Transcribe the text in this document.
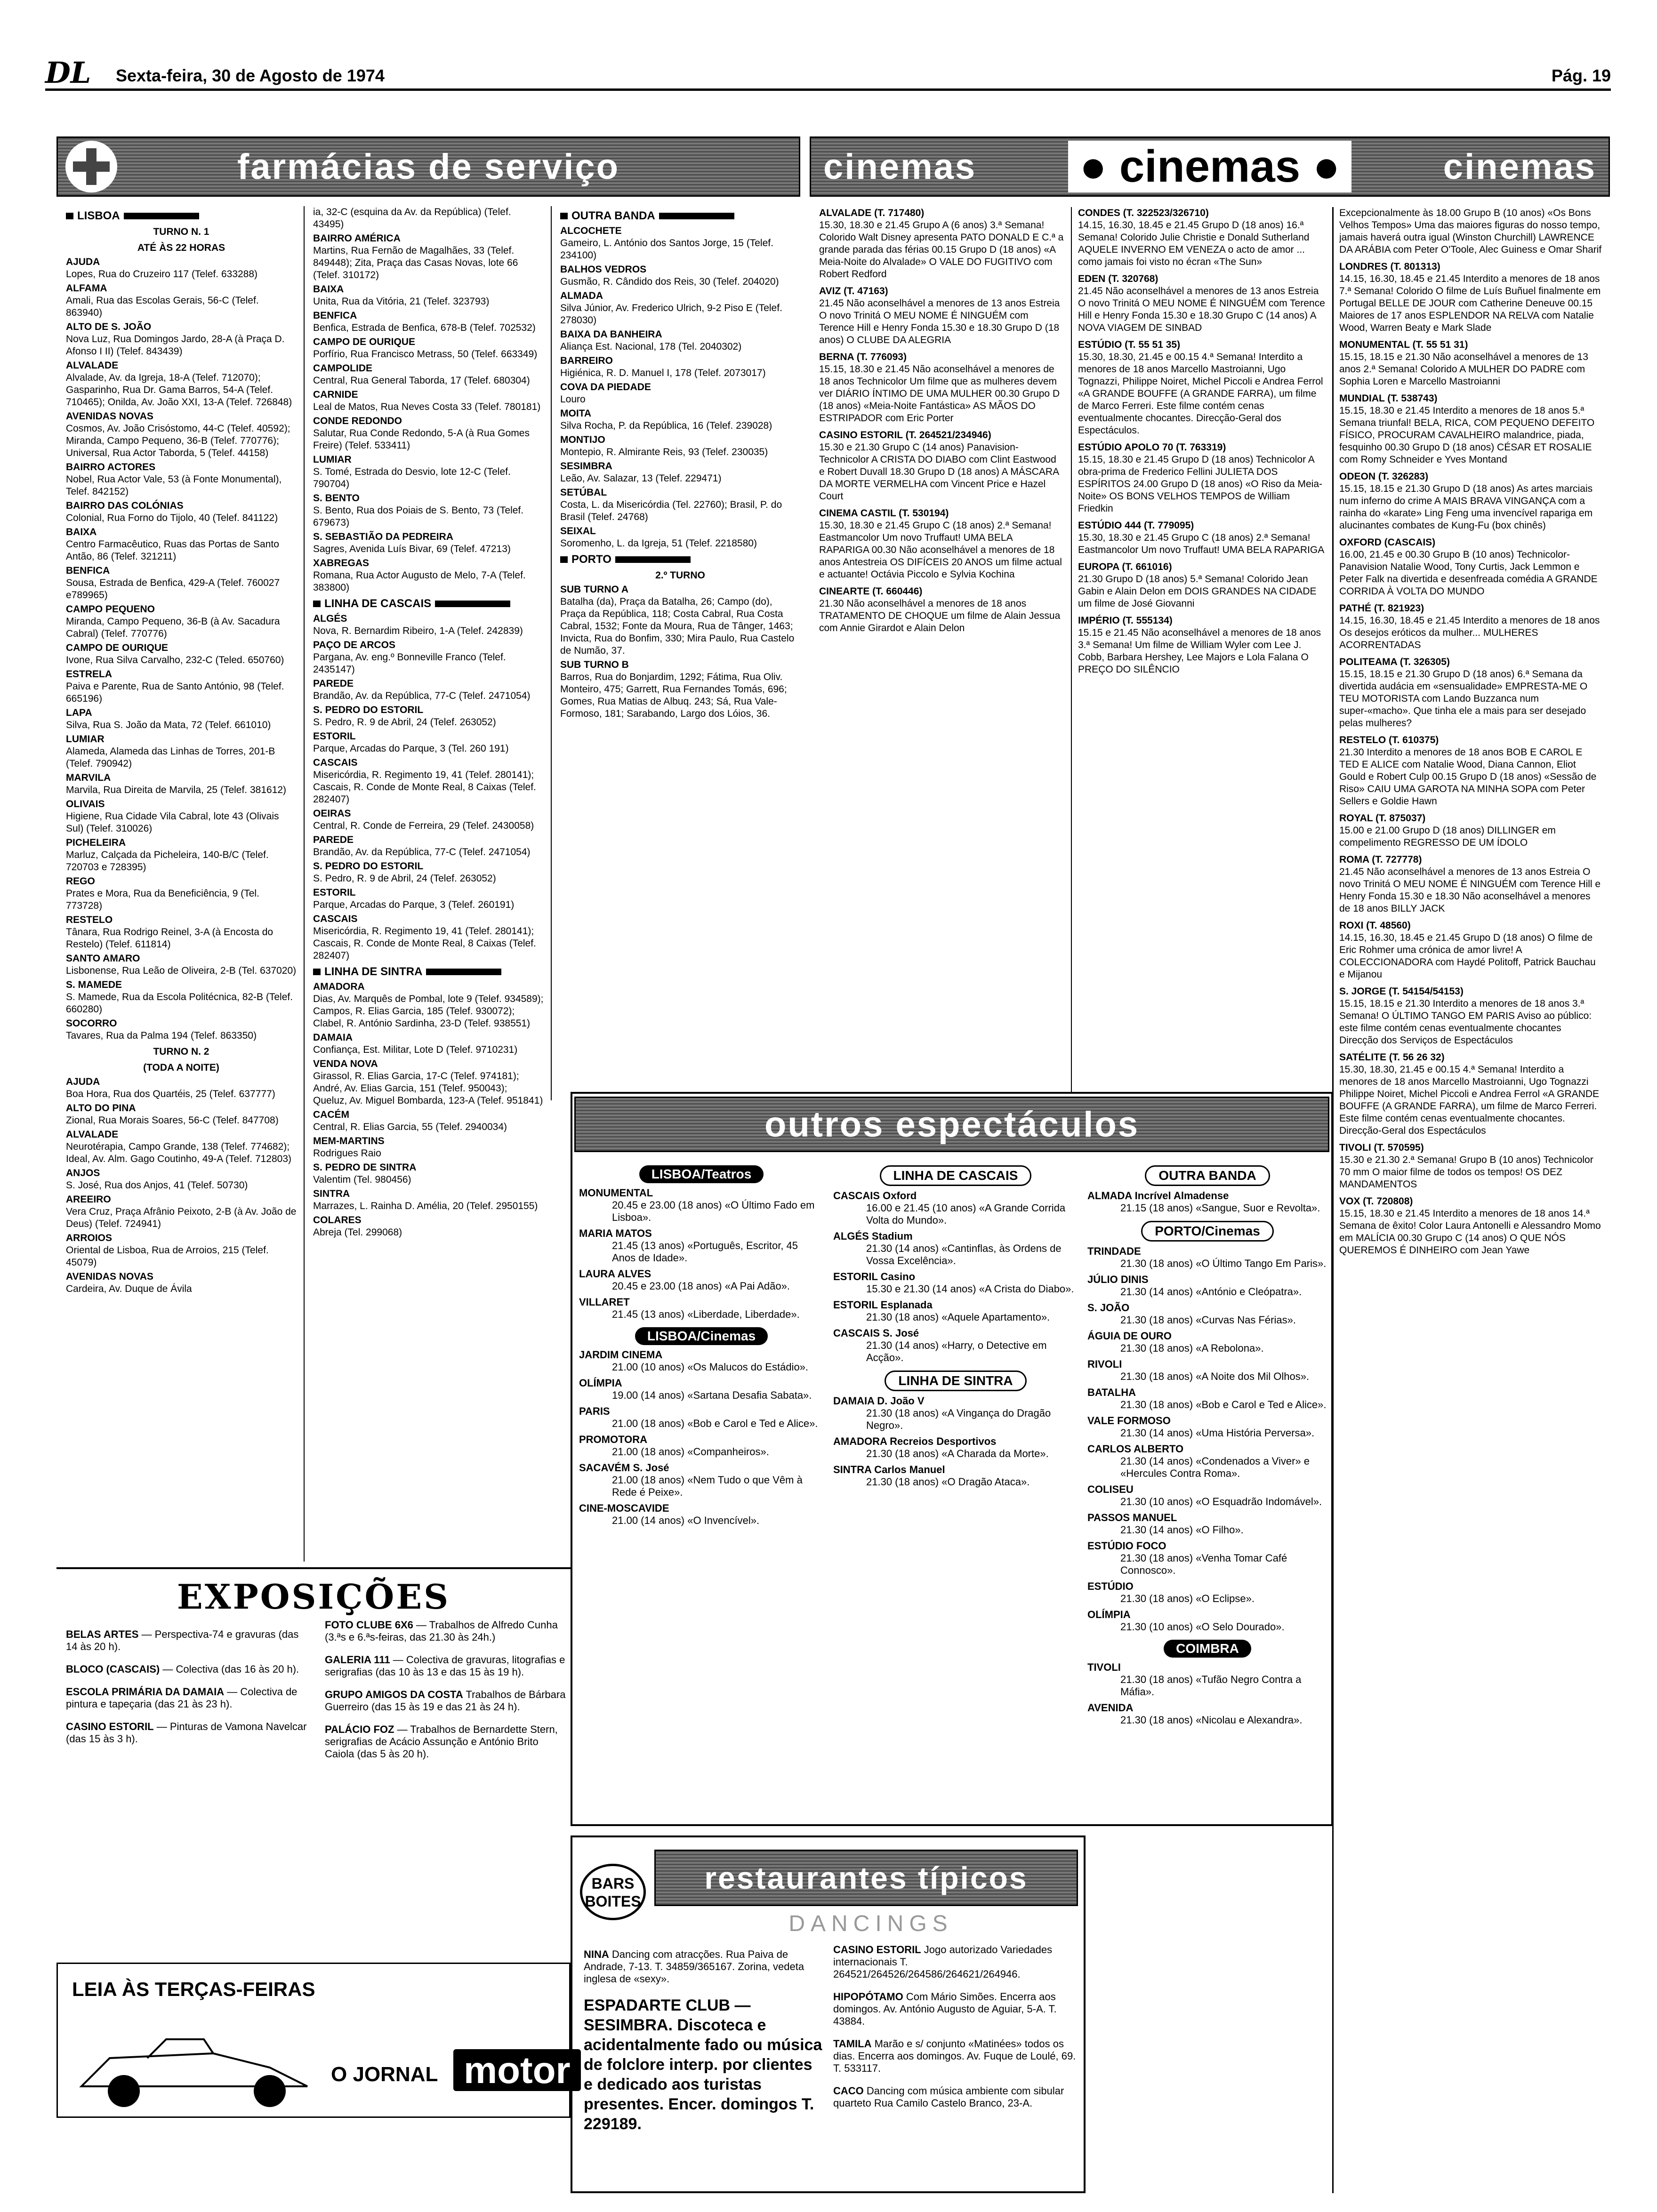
DL Sexta-feira, 30 de Agosto de 1974	Pág. 19
farmácias de serviço
LISBOA
TURNO N. 1
ATÉ ÀS 22 HORAS
AJUDA
Lopes, Rua do Cruzeiro 117 (Telef. 633288)
ALFAMA
Amali, Rua das Escolas Gerais, 56-C (Telef. 863940)
ALTO DE S. JOÃO
Nova Luz, Rua Domingos Jardo, 28-A (à Praça D. Afonso I II) (Telef. 843439)
ALVALADE
Alvalade, Av. da Igreja, 18-A (Telef. 712070); Gasparinho, Rua Dr. Gama Barros, 54-A (Telef. 710465); Onilda, Av. João XXI, 13-A (Telef. 726848)
AVENIDAS NOVAS
Cosmos, Av. João Crisóstomo, 44-C (Telef. 40592); Miranda, Campo Pequeno, 36-B (Telef. 770776); Universal, Rua Actor Taborda, 5 (Telef. 44158)
BAIRRO ACTORES
Nobel, Rua Actor Vale, 53 (à Fonte Monumental), Telef. 842152)
BAIRRO DAS COLÓNIAS
Colonial, Rua Forno do Tijolo, 40 (Telef. 841122)
BAIXA
Centro Farmacêutico, Ruas das Portas de Santo Antão, 86 (Telef. 321211)
BENFICA
Sousa, Estrada de Benfica, 429-A (Telef. 760027 e789965)
CAMPO PEQUENO
Miranda, Campo Pequeno, 36-B (à Av. Sacadura Cabral) (Telef. 770776)
CAMPO DE OURIQUE
Ivone, Rua Silva Carvalho, 232-C (Teled. 650760)
ESTRELA
Paiva e Parente, Rua de Santo António, 98 (Telef. 665196)
LAPA
Silva, Rua S. João da Mata, 72 (Telef. 661010)
LUMIAR
Alameda, Alameda das Linhas de Torres, 201-B (Telef. 790942)
MARVILA
Marvila, Rua Direita de Marvila, 25 (Telef. 381612)
OLIVAIS
Higiene, Rua Cidade Vila Cabral, lote 43 (Olivais Sul) (Telef. 310026)
PICHELEIRA
Marluz, Calçada da Picheleira, 140-B/C (Telef. 720703 e 728395)
REGO
Prates e Mora, Rua da Beneficiência, 9 (Tel. 773728)
RESTELO
Tânara, Rua Rodrigo Reinel, 3-A (à Encosta do Restelo) (Telef. 611814)
SANTO AMARO
Lisbonense, Rua Leão de Oliveira, 2-B (Tel. 637020)
S. MAMEDE
S. Mamede, Rua da Escola Politécnica, 82-B (Telef. 660280)
SOCORRO
Tavares, Rua da Palma 194 (Telef. 863350)
TURNO N. 2
(TODA A NOITE)
AJUDA
Boa Hora, Rua dos Quartéis, 25 (Telef. 637777)
ALTO DO PINA
Zional, Rua Morais Soares, 56-C (Telef. 847708)
ALVALADE
Neurotérapia, Campo Grande, 138 (Telef. 774682); Ideal, Av. Alm. Gago Coutinho, 49-A (Telef. 712803)
ANJOS
S. José, Rua dos Anjos, 41 (Telef. 50730)
AREEIRO
Vera Cruz, Praça Afrânio Peixoto, 2-B (à Av. João de Deus) (Telef. 724941)
ARROIOS
Oriental de Lisboa, Rua de Arroios, 215 (Telef. 45079)
AVENIDAS NOVAS
Cardeira, Av. Duque de Ávila
ia, 32-C (esquina da Av. da República) (Telef. 43495)
BAIRRO AMÉRICA
Martins, Rua Fernão de Magalhães, 33 (Telef. 849448); Zita, Praça das Casas Novas, lote 66 (Telef. 310172)
BAIXA
Unita, Rua da Vitória, 21 (Telef. 323793)
BENFICA
Benfica, Estrada de Benfica, 678-B (Telef. 702532)
CAMPO DE OURIQUE
Porfírio, Rua Francisco Metrass, 50 (Telef. 663349)
CAMPOLIDE
Central, Rua General Taborda, 17 (Telef. 680304)
CARNIDE
Leal de Matos, Rua Neves Costa 33 (Telef. 780181)
CONDE REDONDO
Salutar, Rua Conde Redondo, 5-A (à Rua Gomes Freire) (Telef. 533411)
LUMIAR
S. Tomé, Estrada do Desvio, lote 12-C (Telef. 790704)
S. BENTO
S. Bento, Rua dos Poiais de S. Bento, 73 (Telef. 679673)
S. SEBASTIÃO DA PEDREIRA
Sagres, Avenida Luís Bivar, 69 (Telef. 47213)
XABREGAS
Romana, Rua Actor Augusto de Melo, 7-A (Telef. 383800)
LINHA DE CASCAIS
ALGÉS
Nova, R. Bernardim Ribeiro, 1-A (Telef. 242839)
PAÇO DE ARCOS
Pargana, Av. eng.º Bonneville Franco (Telef. 2435147)
PAREDE
Brandão, Av. da República, 77-C (Telef. 2471054)
S. PEDRO DO ESTORIL
S. Pedro, R. 9 de Abril, 24 (Telef. 263052)
ESTORIL
Parque, Arcadas do Parque, 3 (Tel. 260 191)
CASCAIS
Misericórdia, R. Regimento 19, 41 (Telef. 280141); Cascais, R. Conde de Monte Real, 8 Caixas (Telef. 282407)
OEIRAS
Central, R. Conde de Ferreira, 29 (Telef. 2430058)
PAREDE
Brandão, Av. da República, 77-C (Telef. 2471054)
S. PEDRO DO ESTORIL
S. Pedro, R. 9 de Abril, 24 (Telef. 263052)
ESTORIL
Parque, Arcadas do Parque, 3 (Telef. 260191)
CASCAIS
Misericórdia, R. Regimento 19, 41 (Telef. 280141); Cascais, R. Conde de Monte Real, 8 Caixas (Telef. 282407)
LINHA DE SINTRA
AMADORA
Dias, Av. Marquês de Pombal, lote 9 (Telef. 934589); Campos, R. Elias Garcia, 185 (Telef. 930072); Clabel, R. António Sardinha, 23-D (Telef. 938551)
DAMAIA
Confiança, Est. Militar, Lote D (Telef. 9710231)
VENDA NOVA
Girassol, R. Elias Garcia, 17-C (Telef. 974181); André, Av. Elias Garcia, 151 (Telef. 950043); Queluz, Av. Miguel Bombarda, 123-A (Telef. 951841)
CACÉM
Central, R. Elias Garcia, 55 (Telef. 2940034)
MEM-MARTINS
Rodrigues Raio
S. PEDRO DE SINTRA
Valentim (Tel. 980456)
SINTRA
Marrazes, L. Rainha D. Amélia, 20 (Telef. 2950155)
COLARES
Abreja (Tel. 299068)
OUTRA BANDA
ALCOCHETE
Gameiro, L. António dos Santos Jorge, 15 (Telef. 234100)
BALHOS VEDROS
Gusmão, R. Cândido dos Reis, 30 (Telef. 204020)
ALMADA
Silva Júnior, Av. Frederico Ulrich, 9-2 Piso E (Telef. 278030)
BAIXA DA BANHEIRA
Aliança Est. Nacional, 178 (Tel. 2040302)
BARREIRO
Higiénica, R. D. Manuel I, 178 (Telef. 2073017)
COVA DA PIEDADE
Louro
MOITA
Silva Rocha, P. da República, 16 (Telef. 239028)
MONTIJO
Montepio, R. Almirante Reis, 93 (Telef. 230035)
SESIMBRA
Leão, Av. Salazar, 13 (Telef. 229471)
SETÚBAL
Costa, L. da Misericórdia (Tel. 22760); Brasil, P. do Brasil (Telef. 24768)
SEIXAL
Soromenho, L. da Igreja, 51 (Telef. 2218580)
PORTO
2.º TURNO
SUB TURNO A
Batalha (da), Praça da Batalha, 26; Campo (do), Praça da República, 118; Costa Cabral, Rua Costa Cabral, 1532; Fonte da Moura, Rua de Tânger, 1463; Invicta, Rua do Bonfim, 330; Mira Paulo, Rua Castelo de Numão, 37.
SUB TURNO B
Barros, Rua do Bonjardim, 1292; Fátima, Rua Oliv. Monteiro, 475; Garrett, Rua Fernandes Tomás, 696; Gomes, Rua Matias de Albuq. 243; Sá, Rua Vale-Formoso, 181; Sarabando, Largo dos Lóios, 36.
EXPOSIÇÕES
BELAS ARTES — Perspectiva-74 e gravuras (das 14 às 20 h).
BLOCO (CASCAIS) — Colectiva (das 16 às 20 h).
ESCOLA PRIMÁRIA DA DAMAIA — Colectiva de pintura e tapeçaria (das 21 às 23 h).
CASINO ESTORIL — Pinturas de Vamona Navelcar (das 15 às 3 h).
FOTO CLUBE 6X6 — Trabalhos de Alfredo Cunha (3.ªs e 6.ªs-feiras, das 21.30 às 24h.)
GALERIA 111 — Colectiva de gravuras, litografias e serigrafias (das 10 às 13 e das 15 às 19 h).
GRUPO AMIGOS DA COSTA Trabalhos de Bárbara Guerreiro (das 15 às 19 e das 21 às 24 h).
PALÁCIO FOZ — Trabalhos de Bernardette Stern, serigrafias de Acácio Assunção e António Brito Caiola (das 5 às 20 h).
LEIA ÀS TERÇAS-FEIRAS
O JORNAL motor
cinemas ● cinemas ●	cinemas
ALVALADE (T. 717480)
15.30, 18.30 e 21.45 Grupo A (6 anos) 3.ª Semana! Colorido Walt Disney apresenta PATO DONALD E C.ª a grande parada das férias 00.15 Grupo D (18 anos) «A Meia-Noite do Alvalade» O VALE DO FUGITIVO com Robert Redford
AVIZ (T. 47163)
21.45 Não aconselhável a menores de 13 anos Estreia O novo Trinitá O MEU NOME É NINGUÉM com Terence Hill e Henry Fonda 15.30 e 18.30 Grupo D (18 anos) O CLUBE DA ALEGRIA
BERNA (T. 776093)
15.15, 18.30 e 21.45 Não aconselhável a menores de 18 anos Technicolor Um filme que as mulheres devem ver DIÁRIO ÍNTIMO DE UMA MULHER 00.30 Grupo D (18 anos) «Meia-Noite Fantástica» AS MÃOS DO ESTRIPADOR com Eric Porter
CASINO ESTORIL (T. 264521/234946)
15.30 e 21.30 Grupo C (14 anos) Panavision-Technicolor A CRISTA DO DIABO com Clint Eastwood e Robert Duvall 18.30 Grupo D (18 anos) A MÁSCARA DA MORTE VERMELHA com Vincent Price e Hazel Court
CINEMA CASTIL (T. 530194)
15.30, 18.30 e 21.45 Grupo C (18 anos) 2.ª Semana! Eastmancolor Um novo Truffaut! UMA BELA RAPARIGA 00.30 Não aconselhável a menores de 18 anos Antestreia OS DIFÍCEIS 20 ANOS um filme actual e actuante! Octávia Piccolo e Sylvia Kochina
CINEARTE (T. 660446)
21.30 Não aconselhável a menores de 18 anos TRATAMENTO DE CHOQUE um filme de Alain Jessua com Annie Girardot e Alain Delon
CONDES (T. 322523/326710)
14.15, 16.30, 18.45 e 21.45 Grupo D (18 anos) 16.ª Semana! Colorido Julie Christie e Donald Sutherland AQUELE INVERNO EM VENEZA o acto de amor ... como jamais foi visto no écran «The Sun»
EDEN (T. 320768)
21.45 Não aconselhável a menores de 13 anos Estreia O novo Trinitá O MEU NOME É NINGUÉM com Terence Hill e Henry Fonda 15.30 e 18.30 Grupo C (14 anos) A NOVA VIAGEM DE SINBAD
ESTÚDIO (T. 55 51 35)
15.30, 18.30, 21.45 e 00.15 4.ª Semana! Interdito a menores de 18 anos Marcello Mastroianni, Ugo Tognazzi, Philippe Noiret, Michel Piccoli e Andrea Ferrol «A GRANDE BOUFFE (A GRANDE FARRA), um filme de Marco Ferreri. Este filme contém cenas eventualmente chocantes. Direcção-Geral dos Espectáculos.
ESTÚDIO APOLO 70 (T. 763319)
15.15, 18.30 e 21.45 Grupo D (18 anos) Technicolor A obra-prima de Frederico Fellini JULIETA DOS ESPÍRITOS 24.00 Grupo D (18 anos) «O Riso da Meia-Noite» OS BONS VELHOS TEMPOS de William Friedkin
ESTÚDIO 444 (T. 779095)
15.30, 18.30 e 21.45 Grupo C (18 anos) 2.ª Semana! Eastmancolor Um novo Truffaut! UMA BELA RAPARIGA
EUROPA (T. 661016)
21.30 Grupo D (18 anos) 5.ª Semana! Colorido Jean Gabin e Alain Delon em DOIS GRANDES NA CIDADE um filme de José Giovanni
IMPÉRIO (T. 555134)
15.15 e 21.45 Não aconselhável a menores de 18 anos 3.ª Semana! Um filme de William Wyler com Lee J. Cobb, Barbara Hershey, Lee Majors e Lola Falana O PREÇO DO SILÊNCIO
Excepcionalmente às 18.00 Grupo B (10 anos) «Os Bons Velhos Tempos» Uma das maiores figuras do nosso tempo, jamais haverá outra igual (Winston Churchill) LAWRENCE DA ARÁBIA com Peter O'Toole, Alec Guiness e Omar Sharif
LONDRES (T. 801313)
14.15, 16.30, 18.45 e 21.45 Interdito a menores de 18 anos 7.ª Semana! Colorido O filme de Luís Buñuel finalmente em Portugal BELLE DE JOUR com Catherine Deneuve 00.15 Maiores de 17 anos ESPLENDOR NA RELVA com Natalie Wood, Warren Beaty e Mark Slade
MONUMENTAL (T. 55 51 31)
15.15, 18.15 e 21.30 Não aconselhável a menores de 13 anos 2.ª Semana! Colorido A MULHER DO PADRE com Sophia Loren e Marcello Mastroianni
MUNDIAL (T. 538743)
15.15, 18.30 e 21.45 Interdito a menores de 18 anos 5.ª Semana triunfal! BELA, RICA, COM PEQUENO DEFEITO FÍSICO, PROCURAM CAVALHEIRO malandrice, piada, fesquinho 00.30 Grupo D (18 anos) CÉSAR ET ROSALIE com Romy Schneider e Yves Montand
ODEON (T. 326283)
15.15, 18.15 e 21.30 Grupo D (18 anos) As artes marciais num inferno do crime A MAIS BRAVA VINGANÇA com a rainha do «karate» Ling Feng uma invencível rapariga em alucinantes combates de Kung-Fu (box chinês)
OXFORD (CASCAIS)
16.00, 21.45 e 00.30 Grupo B (10 anos) Technicolor-Panavision Natalie Wood, Tony Curtis, Jack Lemmon e Peter Falk na divertida e desenfreada comédia A GRANDE CORRIDA À VOLTA DO MUNDO
PATHÉ (T. 821923)
14.15, 16.30, 18.45 e 21.45 Interdito a menores de 18 anos Os desejos eróticos da mulher... MULHERES ACORRENTADAS
POLITEAMA (T. 326305)
15.15, 18.15 e 21.30 Grupo D (18 anos) 6.ª Semana da divertida audácia em «sensualidade» EMPRESTA-ME O TEU MOTORISTA com Lando Buzzanca num super-«macho». Que tinha ele a mais para ser desejado pelas mulheres?
RESTELO (T. 610375)
21.30 Interdito a menores de 18 anos BOB E CAROL E TED E ALICE com Natalie Wood, Diana Cannon, Eliot Gould e Robert Culp 00.15 Grupo D (18 anos) «Sessão de Riso» CAIU UMA GAROTA NA MINHA SOPA com Peter Sellers e Goldie Hawn
ROYAL (T. 875037)
15.00 e 21.00 Grupo D (18 anos) DILLINGER em compelimento REGRESSO DE UM ÍDOLO
ROMA (T. 727778)
21.45 Não aconselhável a menores de 13 anos Estreia O novo Trinitá O MEU NOME É NINGUÉM com Terence Hill e Henry Fonda 15.30 e 18.30 Não aconselhável a menores de 18 anos BILLY JACK
ROXI (T. 48560)
14.15, 16.30, 18.45 e 21.45 Grupo D (18 anos) O filme de Eric Rohmer uma crónica de amor livre! A COLECCIONADORA com Haydé Politoff, Patrick Bauchau e Mijanou
S. JORGE (T. 54154/54153)
15.15, 18.15 e 21.30 Interdito a menores de 18 anos 3.ª Semana! O ÚLTIMO TANGO EM PARIS Aviso ao público: este filme contém cenas eventualmente chocantes Direcção dos Serviços de Espectáculos
SATÉLITE (T. 56 26 32)
15.30, 18.30, 21.45 e 00.15 4.ª Semana! Interdito a menores de 18 anos Marcello Mastroianni, Ugo Tognazzi Philippe Noiret, Michel Piccoli e Andrea Ferrol «A GRANDE BOUFFE (A GRANDE FARRA), um filme de Marco Ferreri. Este filme contém cenas eventualmente chocantes. Direcção-Geral dos Espectáculos
TIVOLI (T. 570595)
15.30 e 21.30 2.ª Semana! Grupo B (10 anos) Technicolor 70 mm O maior filme de todos os tempos! OS DEZ MANDAMENTOS
VOX (T. 720808)
15.15, 18.30 e 21.45 Interdito a menores de 18 anos 14.ª Semana de êxito! Color Laura Antonelli e Alessandro Momo em MALÍCIA 00.30 Grupo C (14 anos) O QUE NÓS QUEREMOS É DINHEIRO com Jean Yawe
outros espectáculos
LISBOA/Teatros
MONUMENTAL
20.45 e 23.00 (18 anos) «O Último Fado em Lisboa».
MARIA MATOS
21.45 (13 anos) «Português, Escritor, 45 Anos de Idade».
LAURA ALVES
20.45 e 23.00 (18 anos) «A Pai Adão».
VILLARET
21.45 (13 anos) «Liberdade, Liberdade».
LISBOA/Cinemas
JARDIM CINEMA
21.00 (10 anos) «Os Malucos do Estádio».
OLÍMPIA
19.00 (14 anos) «Sartana Desafia Sabata».
PARIS
21.00 (18 anos) «Bob e Carol e Ted e Alice».
PROMOTORA
21.00 (18 anos) «Companheiros».
SACAVÉM S. José
21.00 (18 anos) «Nem Tudo o que Vêm à Rede é Peixe».
CINE-MOSCAVIDE
21.00 (14 anos) «O Invencível».
LINHA DE CASCAIS
CASCAIS Oxford
16.00 e 21.45 (10 anos) «A Grande Corrida Volta do Mundo».
ALGÉS Stadium
21.30 (14 anos) «Cantinflas, às Ordens de Vossa Excelência».
ESTORIL Casino
15.30 e 21.30 (14 anos) «A Crista do Diabo».
ESTORIL Esplanada
21.30 (18 anos) «Aquele Apartamento».
CASCAIS S. José
21.30 (14 anos) «Harry, o Detective em Acção».
LINHA DE SINTRA
DAMAIA D. João V
21.30 (18 anos) «A Vingança do Dragão Negro».
AMADORA Recreios Desportivos
21.30 (18 anos) «A Charada da Morte».
SINTRA Carlos Manuel
21.30 (18 anos) «O Dragão Ataca».
OUTRA BANDA
ALMADA Incrível Almadense
21.15 (18 anos) «Sangue, Suor e Revolta».
PORTO/Cinemas
TRINDADE
21.30 (18 anos) «O Último Tango Em Paris».
JÚLIO DINIS
21.30 (14 anos) «António e Cleópatra».
S. JOÃO
21.30 (18 anos) «Curvas Nas Férias».
ÁGUIA DE OURO
21.30 (18 anos) «A Rebolona».
RIVOLI
21.30 (18 anos) «A Noite dos Mil Olhos».
BATALHA
21.30 (18 anos) «Bob e Carol e Ted e Alice».
VALE FORMOSO
21.30 (14 anos) «Uma História Perversa».
CARLOS ALBERTO
21.30 (14 anos) «Condenados a Viver» e «Hercules Contra Roma».
COLISEU
21.30 (10 anos) «O Esquadrão Indomável».
PASSOS MANUEL
21.30 (14 anos) «O Filho».
ESTÚDIO FOCO
21.30 (18 anos) «Venha Tomar Café Connosco».
ESTÚDIO
21.30 (18 anos) «O Eclipse».
OLÍMPIA
21.30 (10 anos) «O Selo Dourado».
COIMBRA
TIVOLI
21.30 (18 anos) «Tufão Negro Contra a Máfia».
AVENIDA
21.30 (18 anos) «Nicolau e Alexandra».
BARS
BOITES
restaurantes típicos
DANCINGS
NINA Dancing com atracções. Rua Paiva de Andrade, 7-13. T. 34859/365167. Zorina, vedeta inglesa de «sexy».
ESPADARTE CLUB — SESIMBRA. Discoteca e acidentalmente fado ou música de folclore interp. por clientes e dedicado aos turistas presentes. Encer. domingos T. 229189.
CASINO ESTORIL Jogo autorizado Variedades internacionais T. 264521/264526/264586/264621/264946.
HIPOPÓTAMO Com Mário Simões. Encerra aos domingos. Av. António Augusto de Aguiar, 5-A. T. 43884.
TAMILA Marão e s/ conjunto «Matinées» todos os dias. Encerra aos domingos. Av. Fuque de Loulé, 69. T. 533117.
CACO Dancing com música ambiente com sibular quarteto Rua Camilo Castelo Branco, 23-A.
